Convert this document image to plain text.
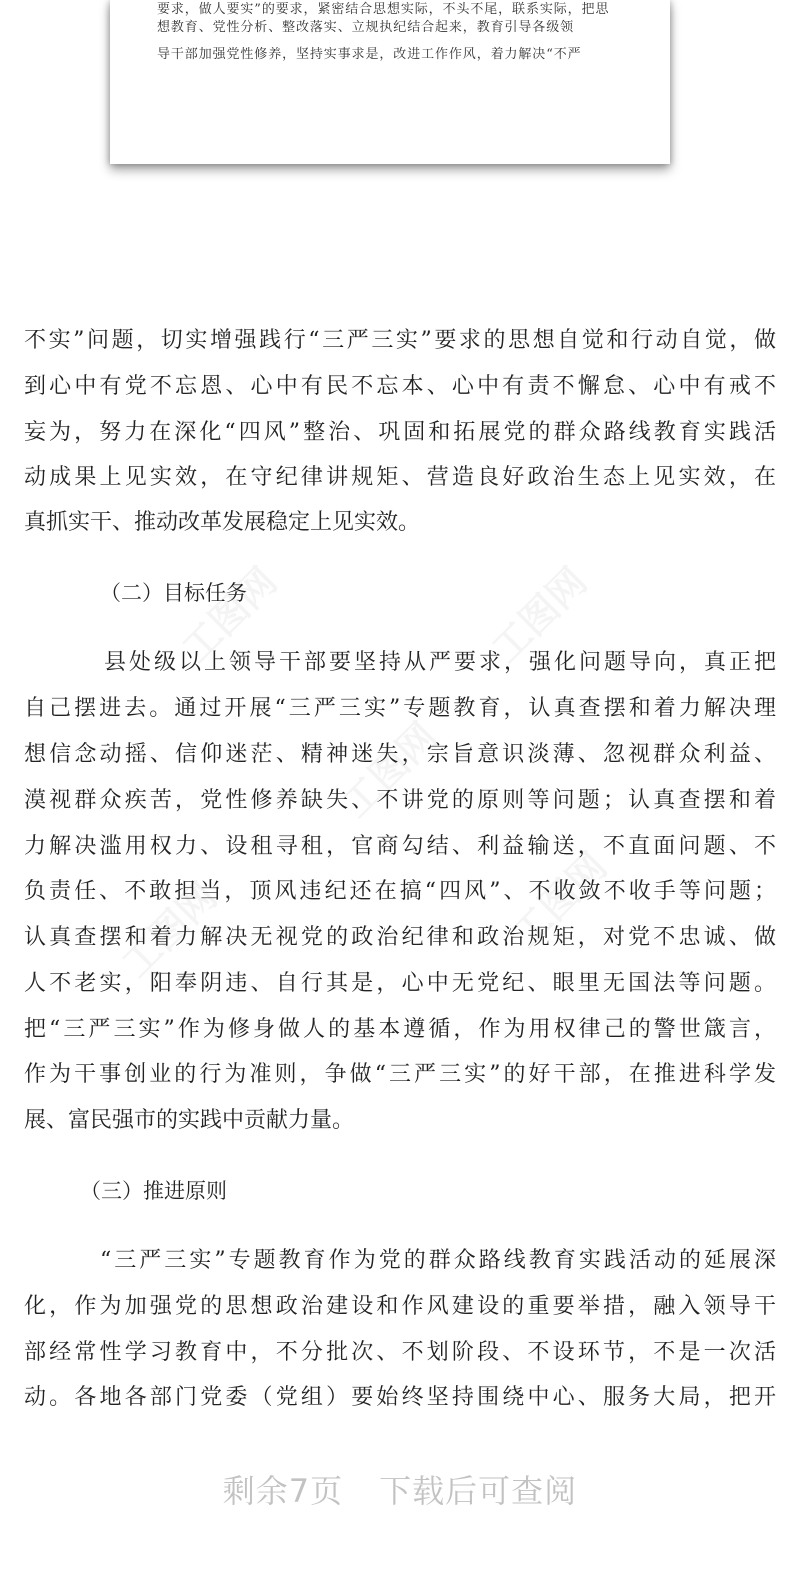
要求，做人要实”的要求，紧密结合思想实际，不头不尾，联系实际，把思
想教育、党性分析、整改落实、立规执纪结合起来，教育引导各级领
导干部加强党性修养，坚持实事求是，改进工作作风，着力解决“不严
不实”问题，切实增强践行“三严三实”要求的思想自觉和行动自觉，做
到心中有党不忘恩、心中有民不忘本、心中有责不懈怠、心中有戒不
妄为，努力在深化“四风”整治、巩固和拓展党的群众路线教育实践活
动成果上见实效，在守纪律讲规矩、营造良好政治生态上见实效，在
真抓实干、推动改革发展稳定上见实效。
（二）目标任务
县处级以上领导干部要坚持从严要求，强化问题导向，真正把
自己摆进去。通过开展“三严三实”专题教育，认真查摆和着力解决理
想信念动摇、信仰迷茫、精神迷失，宗旨意识淡薄、忽视群众利益、
漠视群众疾苦，党性修养缺失、不讲党的原则等问题；认真查摆和着
力解决滥用权力、设租寻租，官商勾结、利益输送，不直面问题、不
负责任、不敢担当，顶风违纪还在搞“四风”、不收敛不收手等问题；
认真查摆和着力解决无视党的政治纪律和政治规矩，对党不忠诚、做
人不老实，阳奉阴违、自行其是，心中无党纪、眼里无国法等问题。
把“三严三实”作为修身做人的基本遵循，作为用权律己的警世箴言，
作为干事创业的行为准则，争做“三严三实”的好干部，在推进科学发
展、富民强市的实践中贡献力量。
（三）推进原则
“三严三实”专题教育作为党的群众路线教育实践活动的延展深
化，作为加强党的思想政治建设和作风建设的重要举措，融入领导干
部经常性学习教育中，不分批次、不划阶段、不设环节，不是一次活
动。各地各部门党委（党组）要始终坚持围绕中心、服务大局，把开
剩余7页 下载后可查阅
